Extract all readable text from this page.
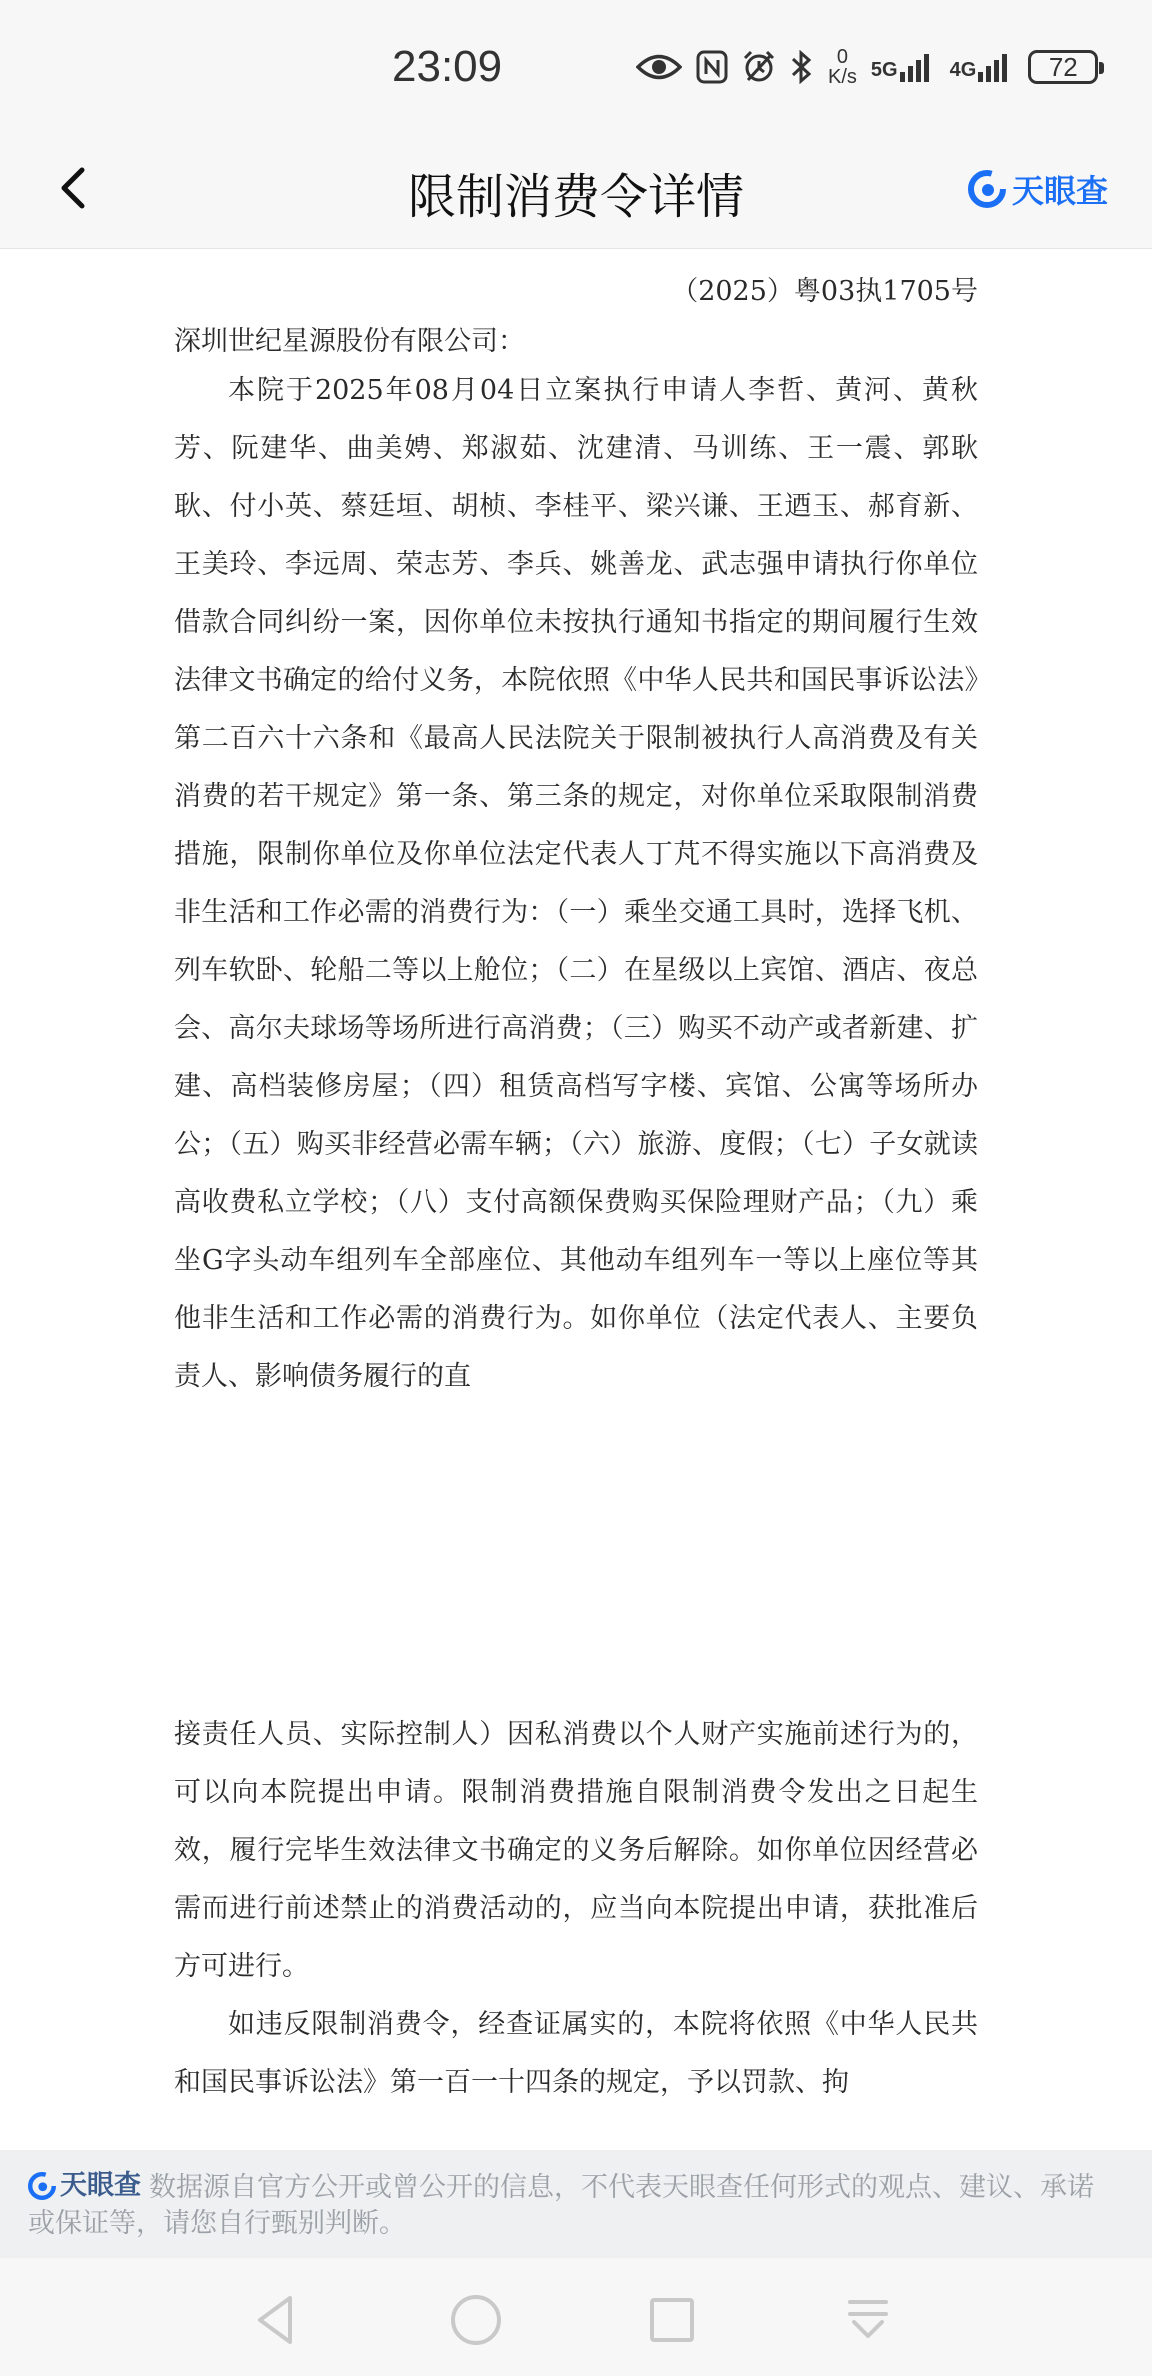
23:09	0
K/s 5G	4G	72
限制消费令详情	天眼查
（2025）粤03执1705号
深圳世纪星源股份有限公司：

本院于2025年08月04日立案执行申请人李哲、黄河、黄秋芳、阮建华、曲美娉、郑淑茹、沈建清、马训练、王一震、郭耿耿、付小英、蔡廷垣、胡桢、李桂平、梁兴谦、王迺玉、郝育新、王美玲、李远周、荣志芳、李兵、姚善龙、武志强申请执行你单位借款合同纠纷一案，因你单位未按执行通知书指定的期间履行生效法律文书确定的给付义务，本院依照《中华人民共和国民事诉讼法》第二百六十六条和《最高人民法院关于限制被执行人高消费及有关消费的若干规定》第一条、第三条的规定，对你单位采取限制消费措施，限制你单位及你单位法定代表人丁芃不得实施以下高消费及非生活和工作必需的消费行为：（一）乘坐交通工具时，选择飞机、列车软卧、轮船二等以上舱位；（二）在星级以上宾馆、酒店、夜总会、高尔夫球场等场所进行高消费；（三）购买不动产或者新建、扩建、高档装修房屋；（四）租赁高档写字楼、宾馆、公寓等场所办公；（五）购买非经营必需车辆；（六）旅游、度假；（七）子女就读高收费私立学校；（八）支付高额保费购买保险理财产品；（九）乘坐G字头动车组列车全部座位、其他动车组列车一等以上座位等其他非生活和工作必需的消费行为。如你单位（法定代表人、主要负责人、影响债务履行的直

接责任人员、实际控制人）因私消费以个人财产实施前述行为的，可以向本院提出申请。限制消费措施自限制消费令发出之日起生效，履行完毕生效法律文书确定的义务后解除。如你单位因经营必需而进行前述禁止的消费活动的，应当向本院提出申请，获批准后方可进行。

如违反限制消费令，经查证属实的，本院将依照《中华人民共和国民事诉讼法》第一百一十四条的规定，予以罚款、拘

天眼查 数据源自官方公开或曾公开的信息，不代表天眼查任何形式的观点、建议、承诺或保证等，请您自行甄别判断。
